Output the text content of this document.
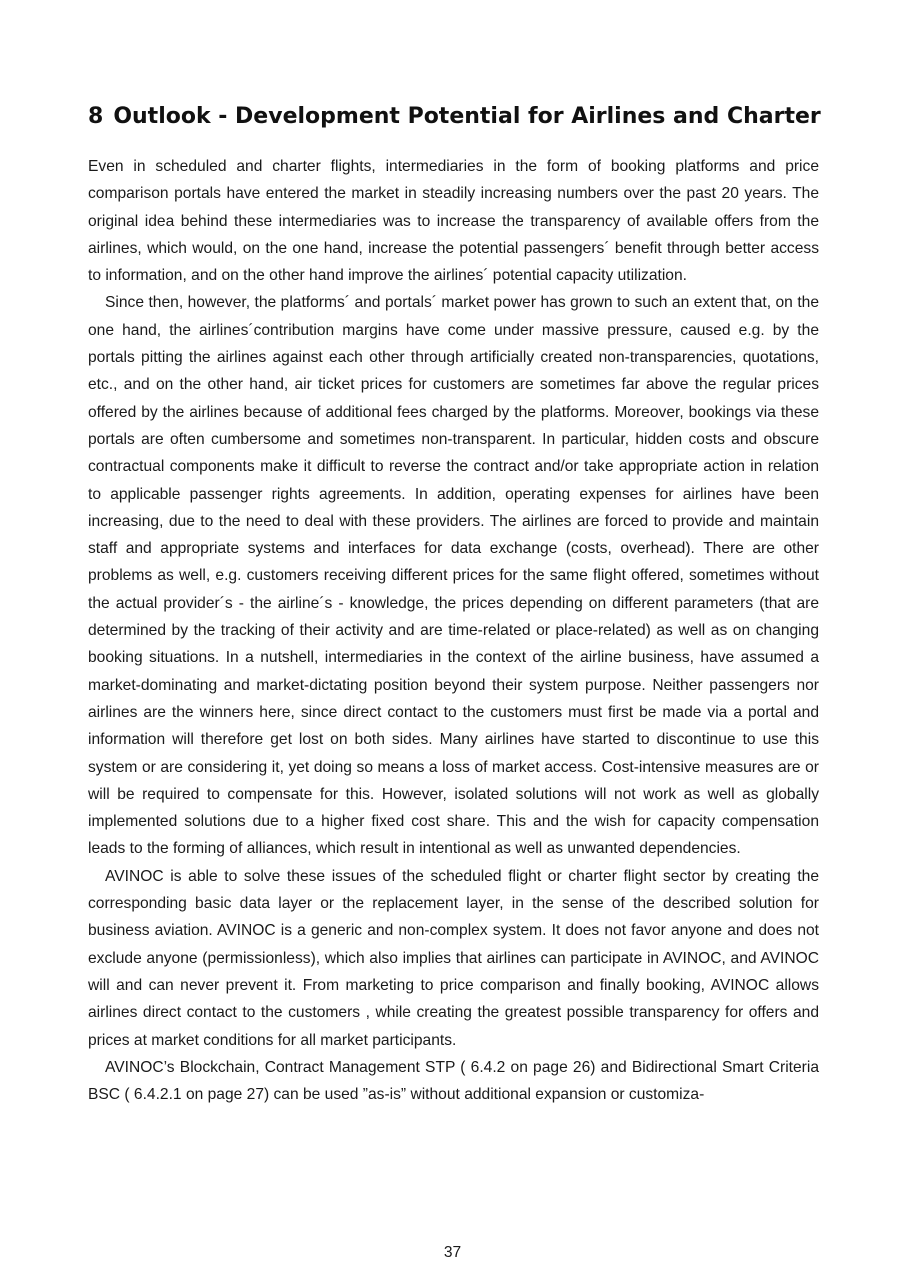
8 Outlook - Development Potential for Airlines and Charter

Even in scheduled and charter flights, intermediaries in the form of booking platforms and price comparison portals have entered the market in steadily increasing numbers over the past 20 years. The original idea behind these intermediaries was to increase the transparency of available offers from the airlines, which would, on the one hand, increase the potential passengers´ benefit through better access to information, and on the other hand improve the airlines´ potential capacity utilization.

Since then, however, the platforms´ and portals´ market power has grown to such an extent that, on the one hand, the airlines´contribution margins have come under massive pressure, caused e.g. by the portals pitting the airlines against each other through artificially created non-transparencies, quotations, etc., and on the other hand, air ticket prices for customers are sometimes far above the regular prices offered by the airlines because of additional fees charged by the platforms. Moreover, bookings via these portals are often cumbersome and sometimes non-transparent. In particular, hidden costs and obscure contractual components make it difficult to reverse the contract and/or take appropriate action in relation to applicable passenger rights agreements. In addition, operating expenses for airlines have been increasing, due to the need to deal with these providers. The airlines are forced to provide and maintain staff and appropriate systems and interfaces for data exchange (costs, overhead). There are other problems as well, e.g. customers receiving different prices for the same flight offered, sometimes without the actual provider´s - the airline´s - knowledge, the prices depending on different parameters (that are determined by the tracking of their activity and are time-related or place-related) as well as on changing booking situations. In a nutshell, intermediaries in the context of the airline business, have assumed a market-dominating and market-dictating position beyond their system purpose. Neither passengers nor airlines are the winners here, since direct contact to the customers must first be made via a portal and information will therefore get lost on both sides. Many airlines have started to discontinue to use this system or are considering it, yet doing so means a loss of market access. Cost-intensive measures are or will be required to compensate for this. However, isolated solutions will not work as well as globally implemented solutions due to a higher fixed cost share. This and the wish for capacity compensation leads to the forming of alliances, which result in intentional as well as unwanted dependencies.

AVINOC is able to solve these issues of the scheduled flight or charter flight sector by creating the corresponding basic data layer or the replacement layer, in the sense of the described solution for business aviation. AVINOC is a generic and non-complex system. It does not favor anyone and does not exclude anyone (permissionless), which also implies that airlines can participate in AVINOC, and AVINOC will and can never prevent it. From marketing to price comparison and finally booking, AVINOC allows airlines direct contact to the customers , while creating the greatest possible transparency for offers and prices at market conditions for all market participants.

AVINOC’s Blockchain, Contract Management STP ( 6.4.2 on page 26) and Bidirectional Smart Criteria BSC ( 6.4.2.1 on page 27) can be used ”as-is” without additional expansion or customiza-

37
